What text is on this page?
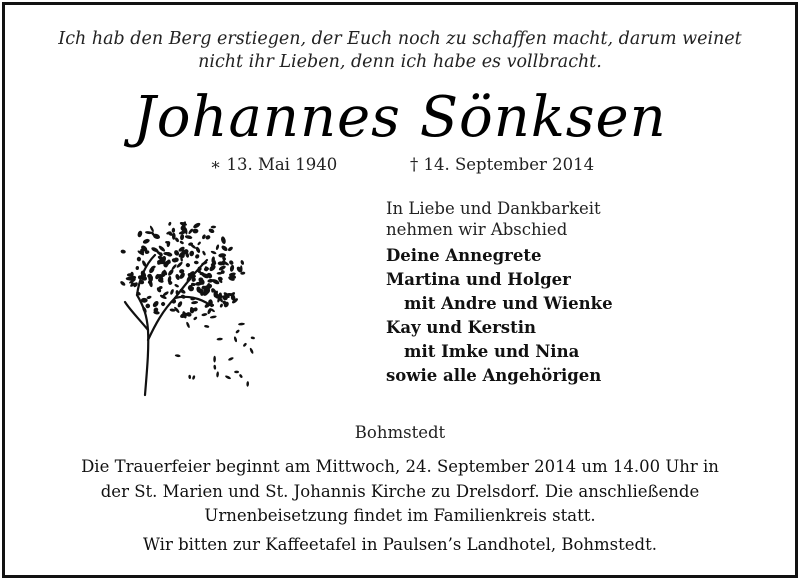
Ich hab den Berg erstiegen, der Euch noch zu schaffen macht, darum weinet
nicht ihr Lieben, denn ich habe es vollbracht.
Johannes Sönksen
∗ 13. Mai 1940	† 14. September 2014
In Liebe und Dankbarkeit
nehmen wir Abschied
Deine Annegrete
Martina und Holger
mit Andre und Wienke
Kay und Kerstin
mit Imke und Nina
sowie alle Angehörigen
Bohmstedt
Die Trauerfeier beginnt am Mittwoch, 24. September 2014 um 14.00 Uhr in
der St. Marien und St. Johannis Kirche zu Drelsdorf. Die anschließende
Urnenbeisetzung findet im Familienkreis statt.
Wir bitten zur Kaffeetafel in Paulsen’s Landhotel, Bohmstedt.
